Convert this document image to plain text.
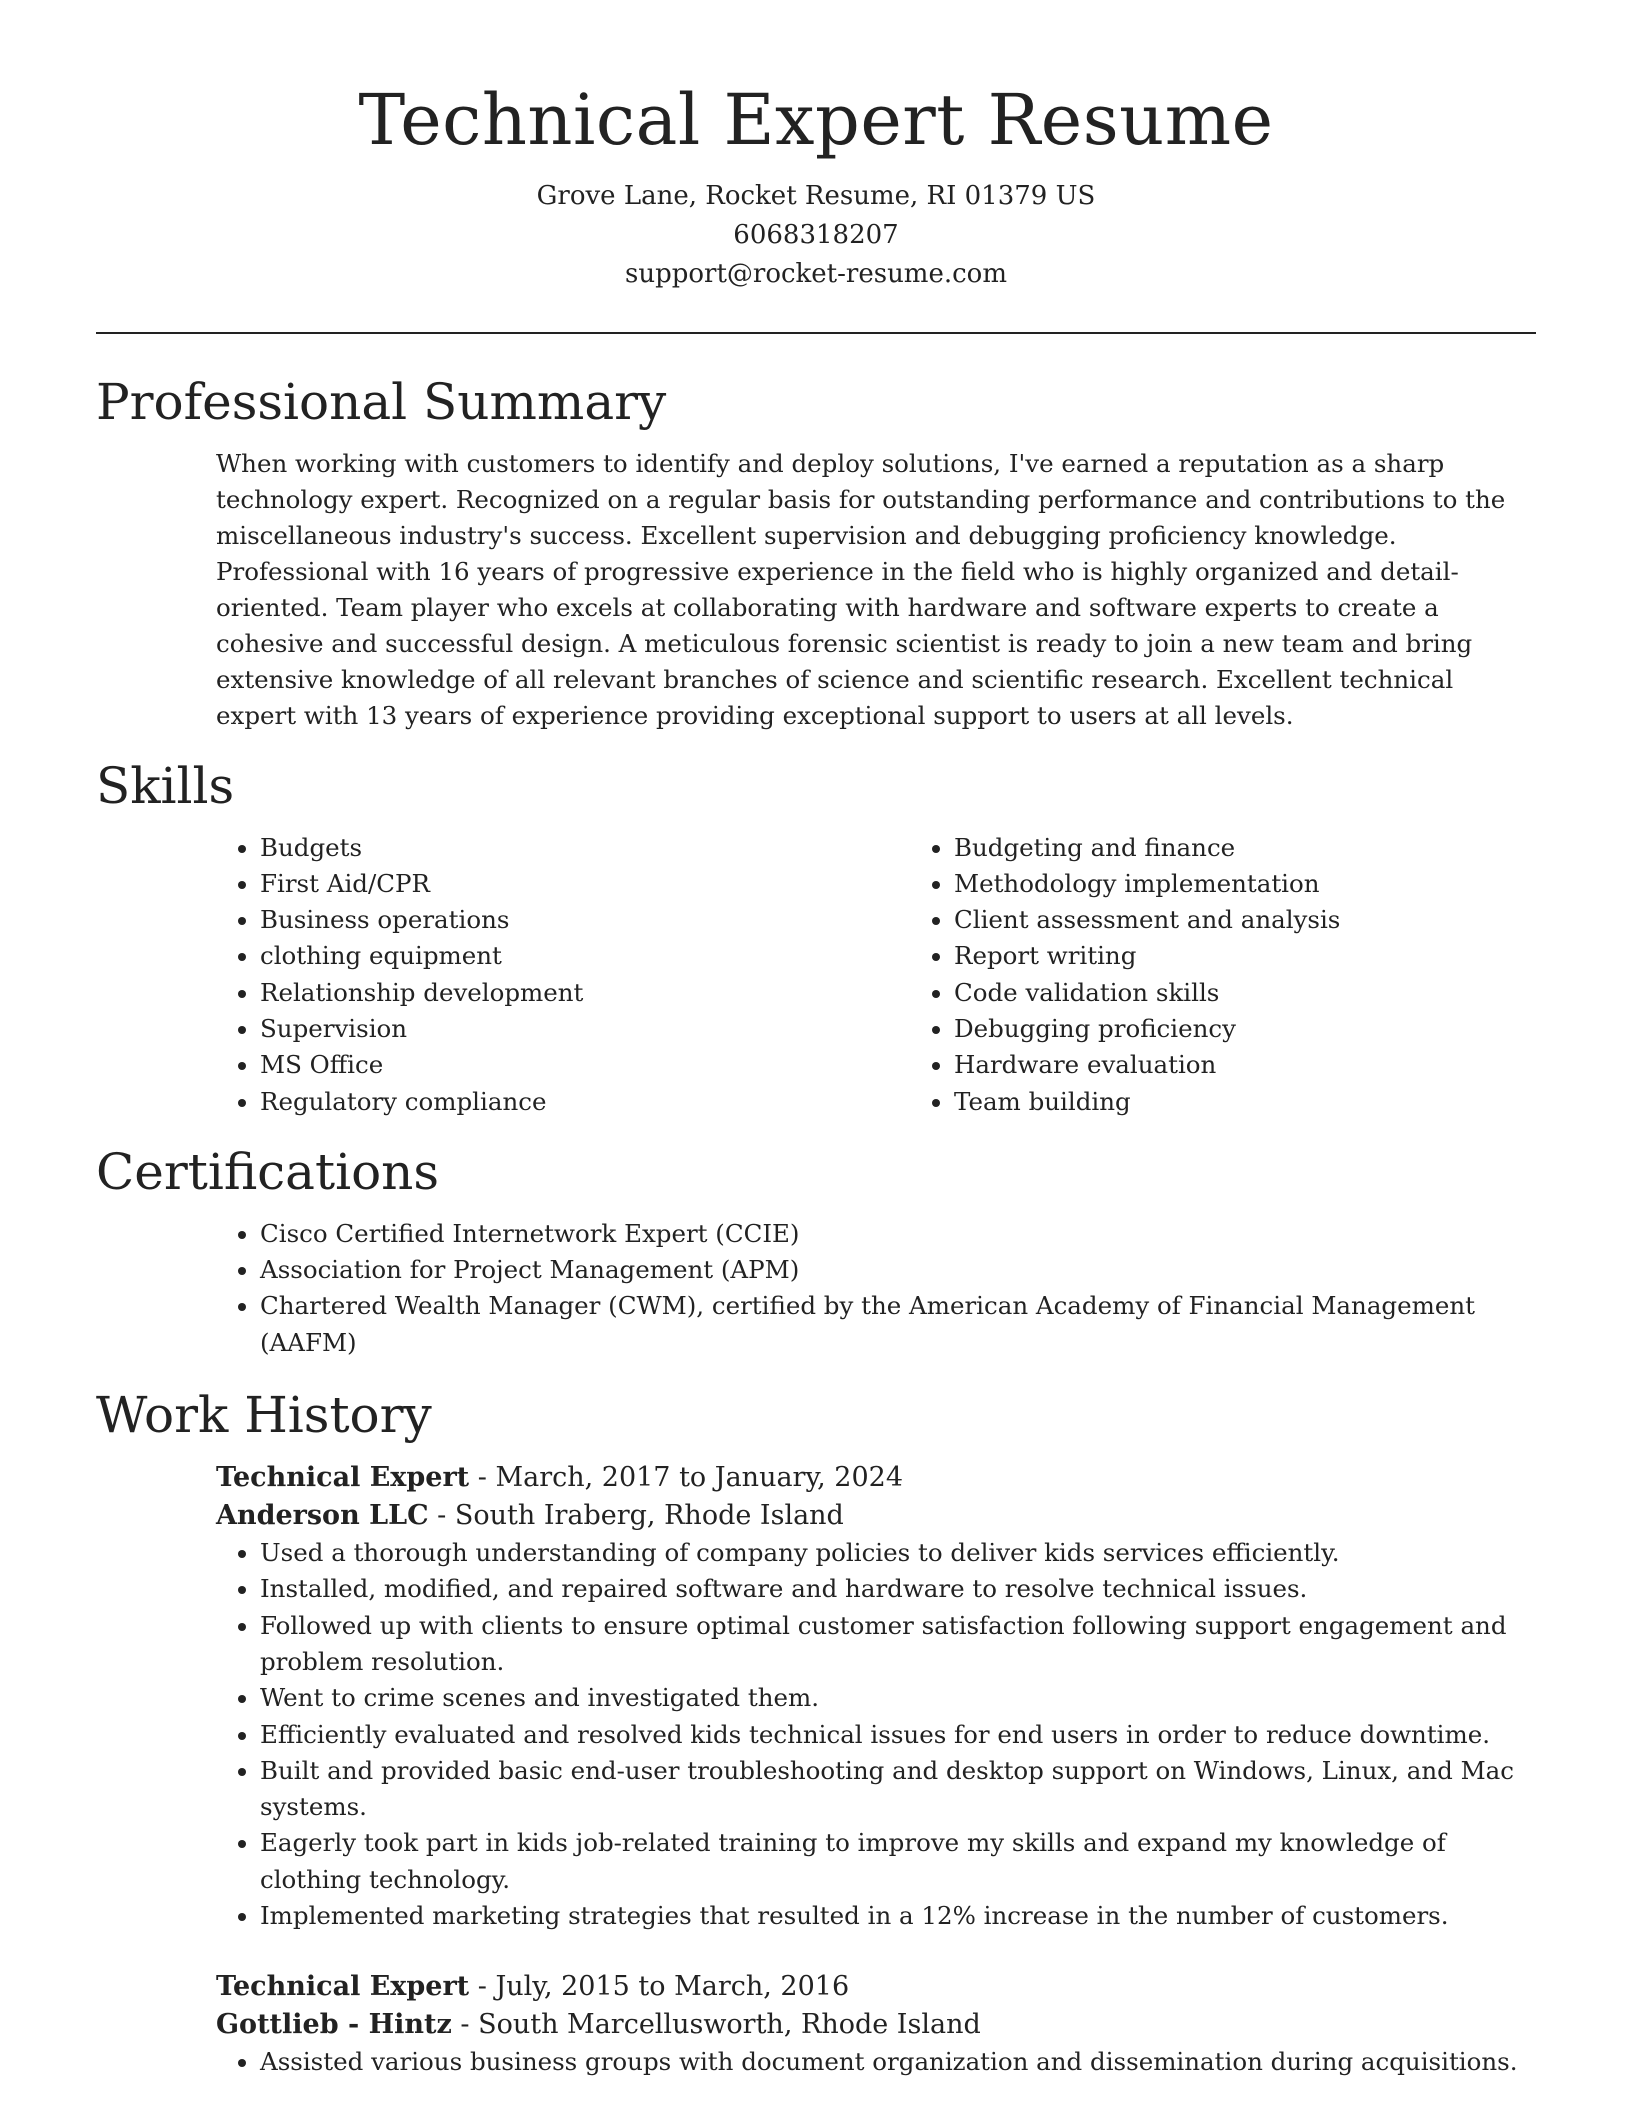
Technical Expert Resume
Grove Lane, Rocket Resume, RI 01379 US
6068318207
support@rocket-resume.com
Professional Summary

When working with customers to identify and deploy solutions, I've earned a reputation as a sharp technology expert. Recognized on a regular basis for outstanding performance and contributions to the miscellaneous industry's success. Excellent supervision and debugging proficiency knowledge. Professional with 16 years of progressive experience in the field who is highly organized and detail-oriented. Team player who excels at collaborating with hardware and software experts to create a cohesive and successful design. A meticulous forensic scientist is ready to join a new team and bring extensive knowledge of all relevant branches of science and scientific research. Excellent technical expert with 13 years of experience providing exceptional support to users at all levels.

Skills
• Budgets
• First Aid/CPR
• Business operations
• clothing equipment
• Relationship development
• Supervision
• MS Office
• Regulatory compliance
• Budgeting and finance
• Methodology implementation
• Client assessment and analysis
• Report writing
• Code validation skills
• Debugging proficiency
• Hardware evaluation
• Team building
Certifications
• Cisco Certified Internetwork Expert (CCIE)
• Association for Project Management (APM)
• Chartered Wealth Manager (CWM), certified by the American Academy of Financial Management (AAFM)
Work History
Technical Expert - March, 2017 to January, 2024
Anderson LLC - South Iraberg, Rhode Island
• Used a thorough understanding of company policies to deliver kids services efficiently.
• Installed, modified, and repaired software and hardware to resolve technical issues.
• Followed up with clients to ensure optimal customer satisfaction following support engagement and problem resolution.
• Went to crime scenes and investigated them.
• Efficiently evaluated and resolved kids technical issues for end users in order to reduce downtime.
• Built and provided basic end-user troubleshooting and desktop support on Windows, Linux, and Mac systems.
• Eagerly took part in kids job-related training to improve my skills and expand my knowledge of clothing technology.
• Implemented marketing strategies that resulted in a 12% increase in the number of customers.
Technical Expert - July, 2015 to March, 2016
Gottlieb - Hintz - South Marcellusworth, Rhode Island
• Assisted various business groups with document organization and dissemination during acquisitions.
